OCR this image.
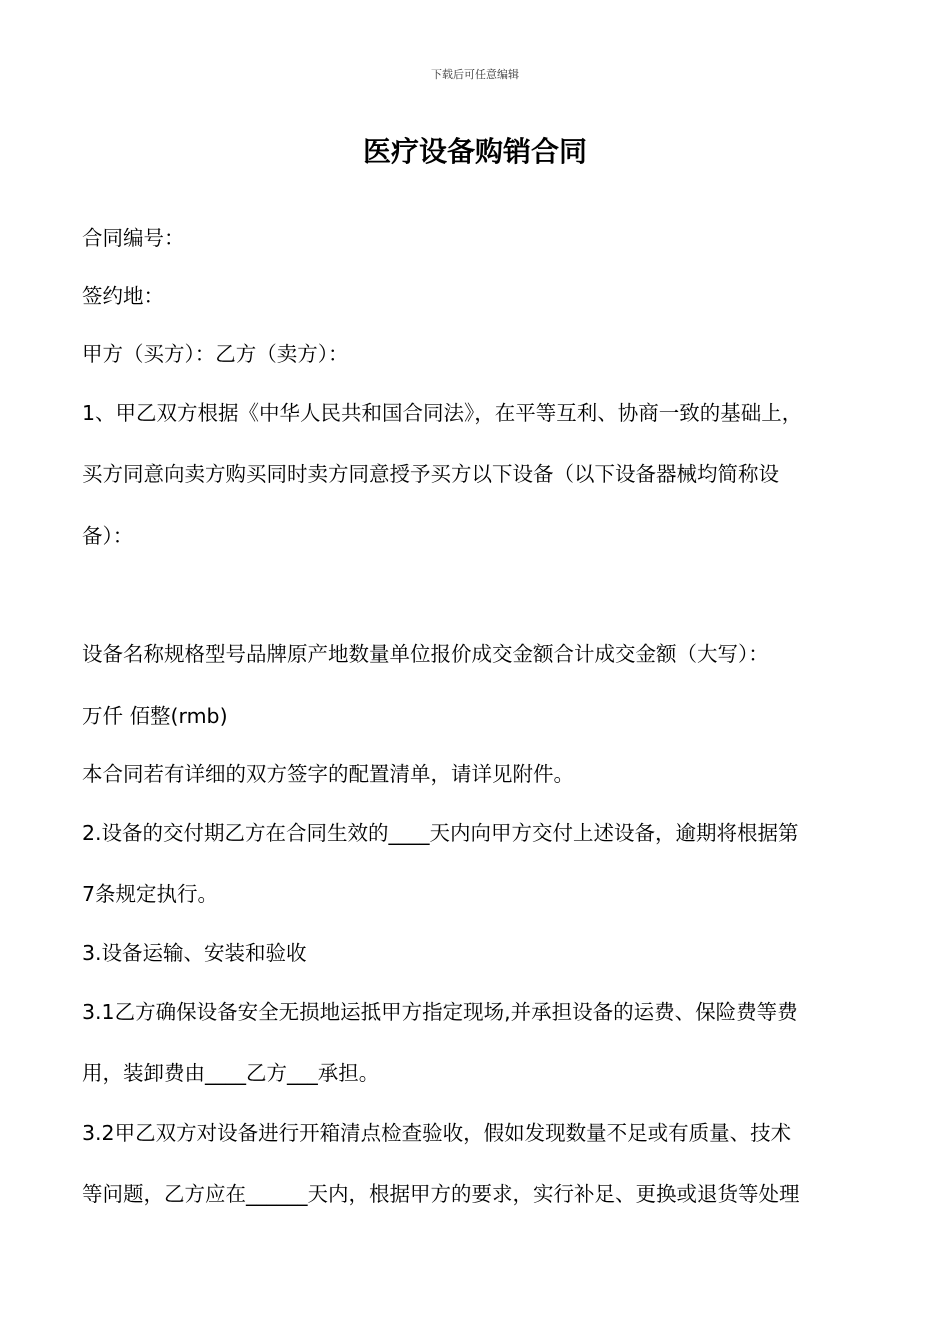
下载后可任意编辑
医疗设备购销合同
合同编号：
签约地：
甲方（买方）：乙方（卖方）：
1、甲乙双方根据《中华人民共和国合同法》，在平等互利、协商一致的基础上，
买方同意向卖方购买同时卖方同意授予买方以下设备（以下设备器械均简称设
备）：
设备名称规格型号品牌原产地数量单位报价成交金额合计成交金额（大写）：
万仟 佰整(rmb)
本合同若有详细的双方签字的配置清单，请详见附件。
2.设备的交付期乙方在合同生效的____天内向甲方交付上述设备，逾期将根据第
7条规定执行。
3.设备运输、安装和验收
3.1乙方确保设备安全无损地运抵甲方指定现场,并承担设备的运费、保险费等费
用，装卸费由____乙方___承担。
3.2甲乙双方对设备进行开箱清点检查验收，假如发现数量不足或有质量、技术
等问题，乙方应在______天内，根据甲方的要求，实行补足、更换或退货等处理
